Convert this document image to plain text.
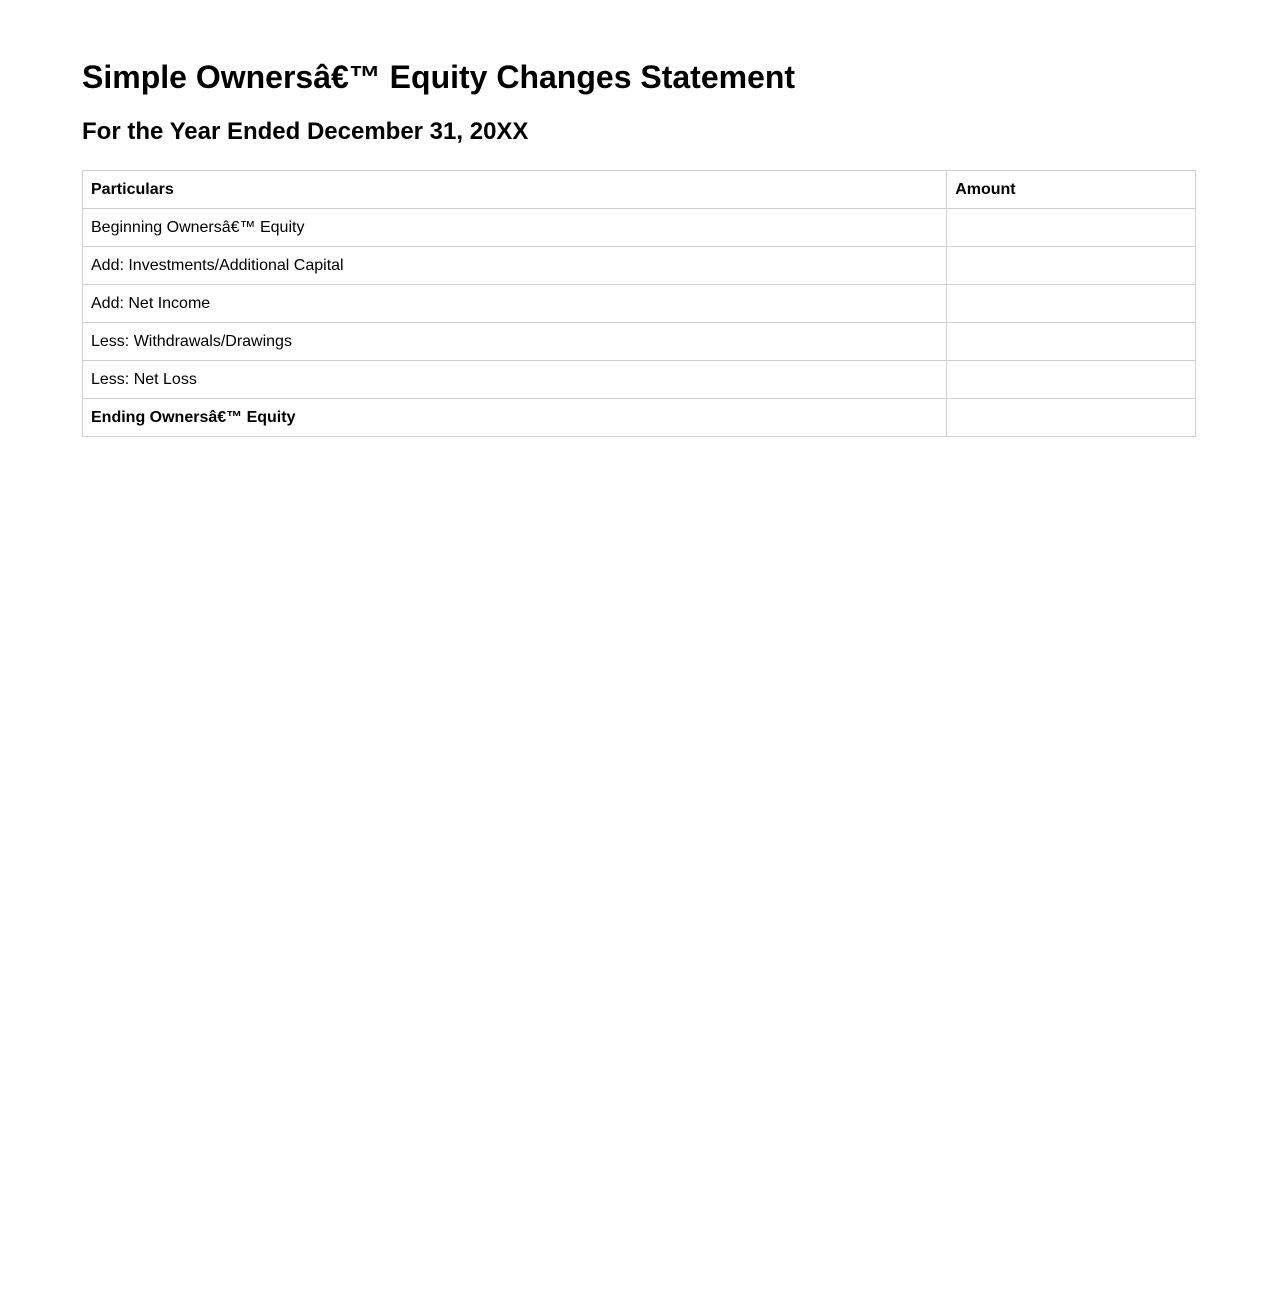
Simple Ownersâ€™ Equity Changes Statement
For the Year Ended December 31, 20XX
Particulars	Amount
Beginning Ownersâ€™ Equity	
Add: Investments/Additional Capital	
Add: Net Income	
Less: Withdrawals/Drawings	
Less: Net Loss	
Ending Ownersâ€™ Equity	
